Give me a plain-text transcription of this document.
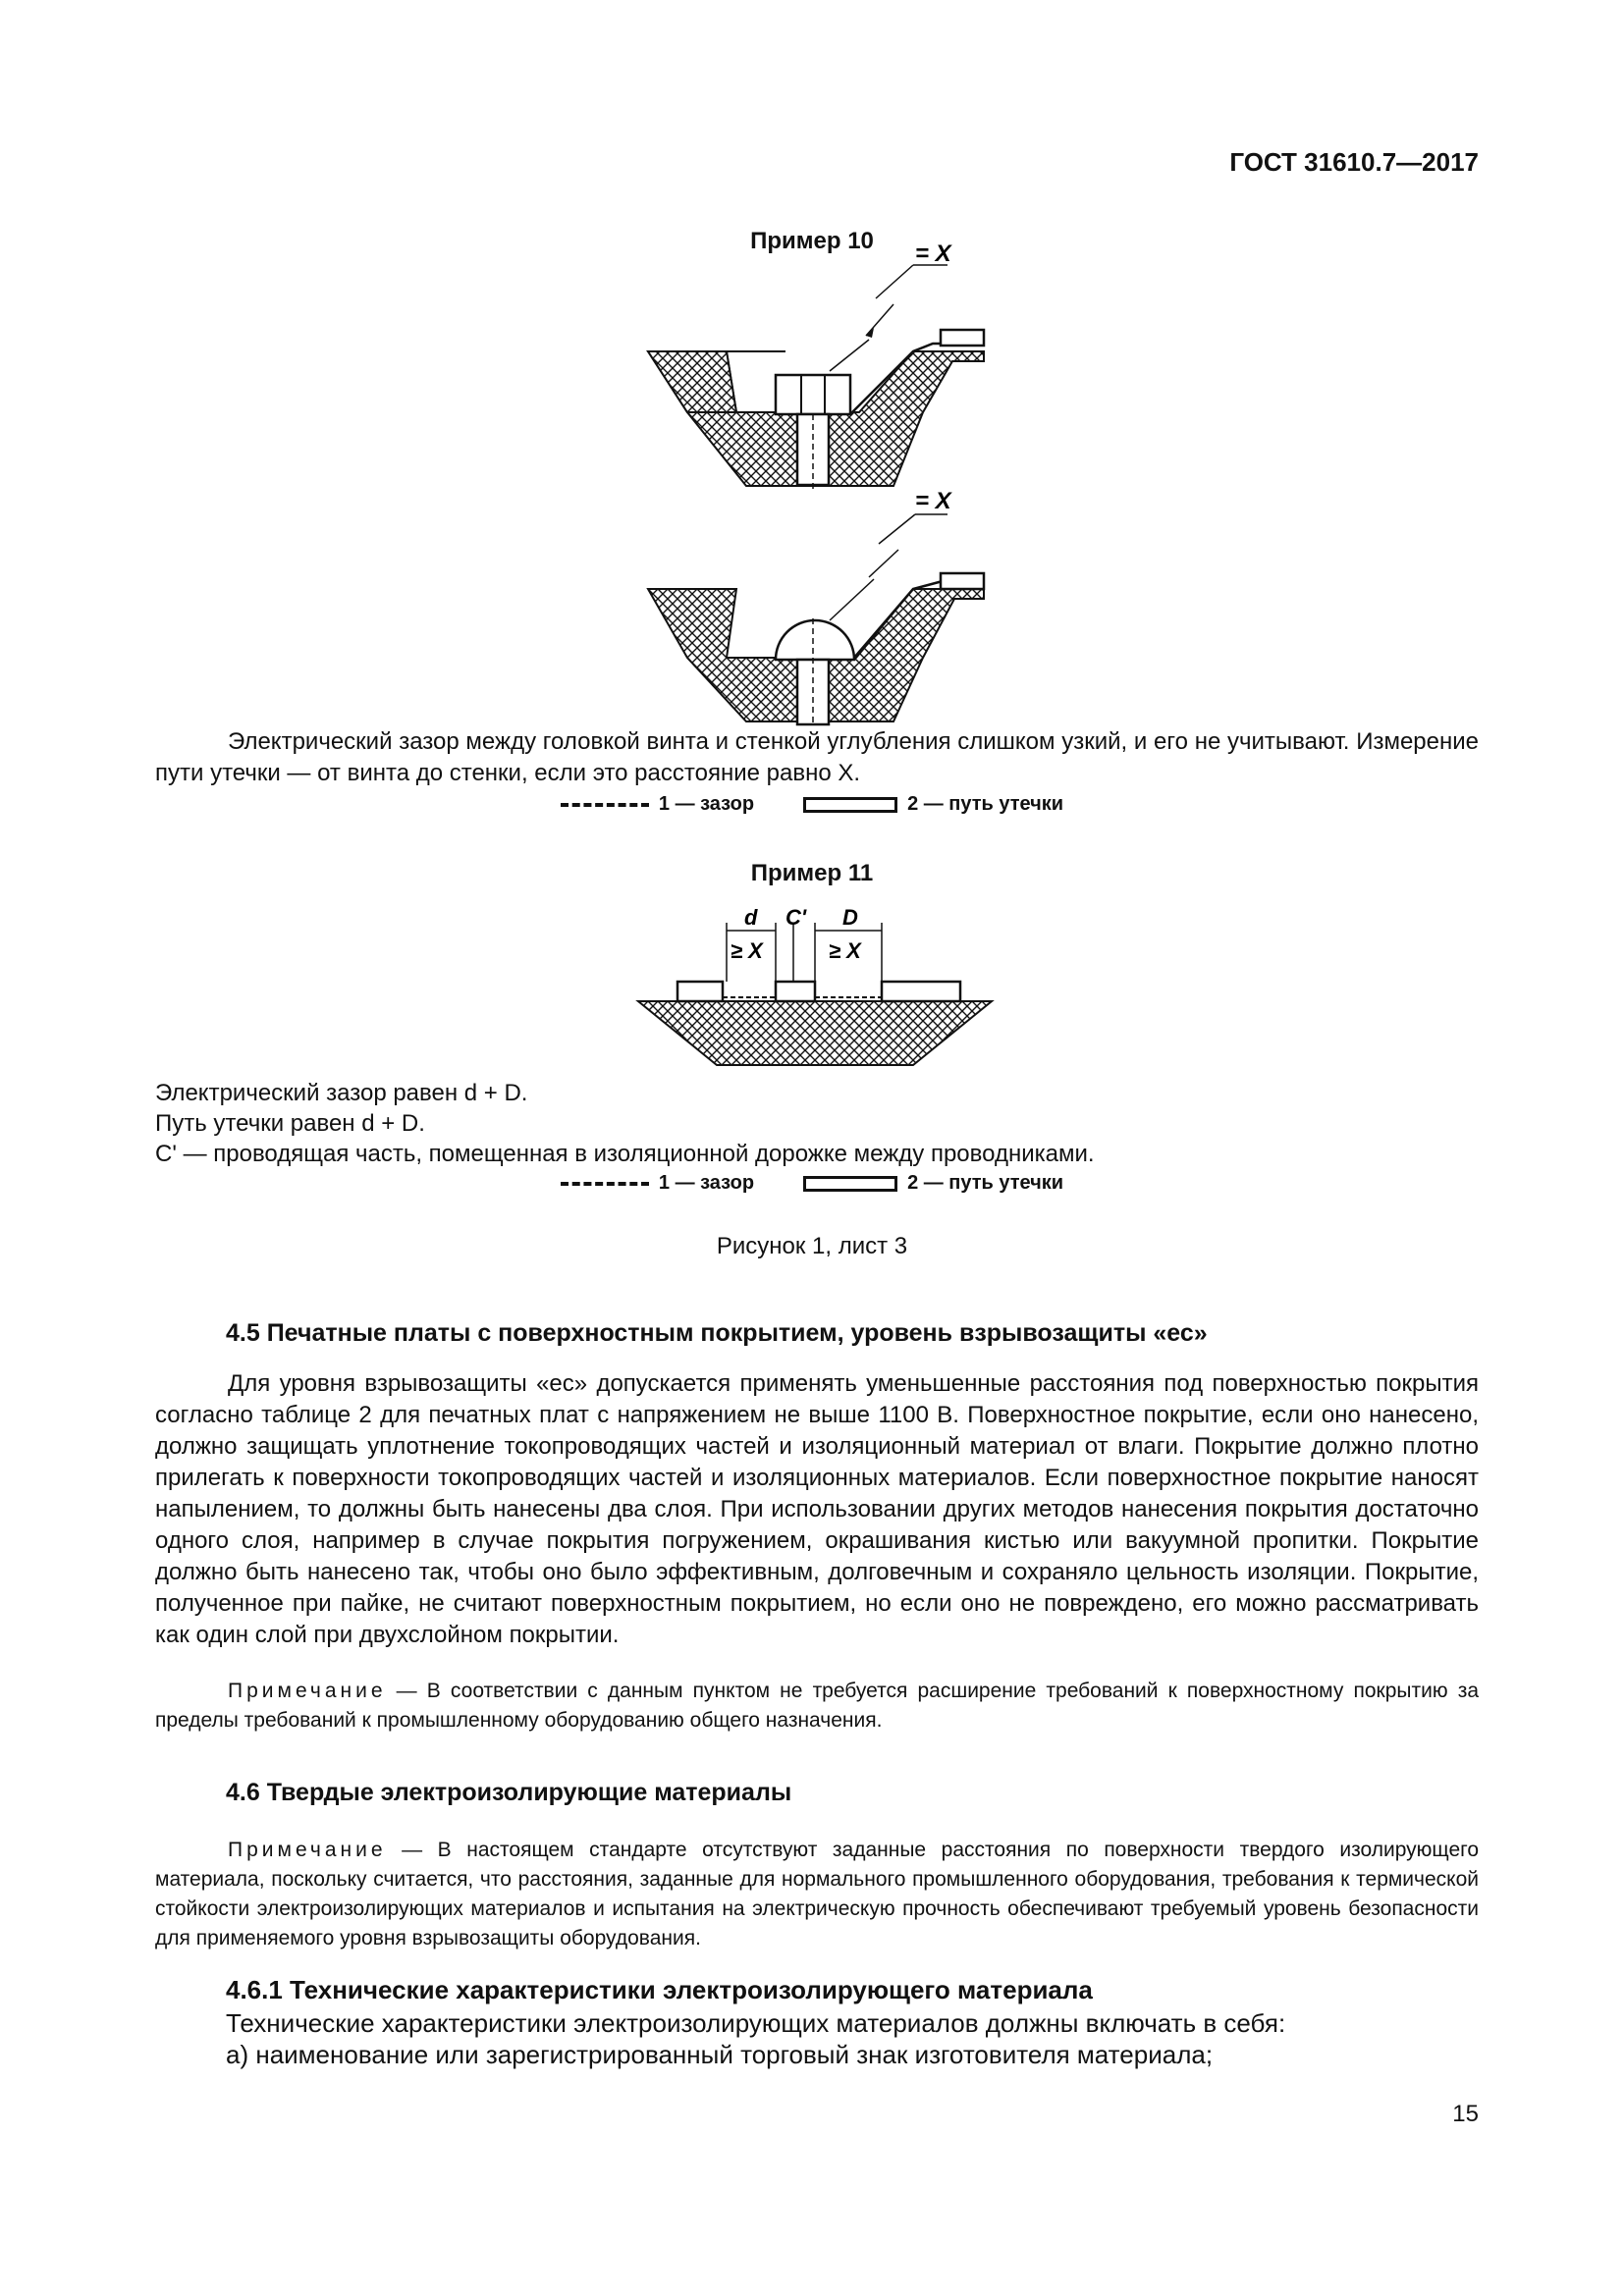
ГОСТ 31610.7—2017
Пример 10	= X
= X
Электрический зазор между головкой винта и стенкой углубления слишком узкий, и его не учитывают. Измерение пути утечки — от винта до стенки, если это расстояние равно X.
1 — зазор	2 — путь утечки
Пример 11
d C' D
≥ X	≥ X
Электрический зазор равен d + D.
Путь утечки равен d + D.
C' — проводящая часть, помещенная в изоляционной дорожке между проводниками.
1 — зазор	2 — путь утечки
Рисунок 1, лист 3
4.5 Печатные платы с поверхностным покрытием, уровень взрывозащиты «ес»
Для уровня взрывозащиты «ес» допускается применять уменьшенные расстояния под поверхностью покрытия согласно таблице 2 для печатных плат с напряжением не выше 1100 В. Поверхностное покрытие, если оно нанесено, должно защищать уплотнение токопроводящих частей и изоляционный материал от влаги. Покрытие должно плотно прилегать к поверхности токопроводящих частей и изоляционных материалов. Если поверхностное покрытие наносят напылением, то должны быть нанесены два слоя. При использовании других методов нанесения покрытия достаточно одного слоя, например в случае покрытия погружением, окрашивания кистью или вакуумной пропитки. Покрытие должно быть нанесено так, чтобы оно было эффективным, долговечным и сохраняло цельность изоляции. Покрытие, полученное при пайке, не считают поверхностным покрытием, но если оно не повреждено, его можно рассматривать как один слой при двухслойном покрытии.
Примечание — В соответствии с данным пунктом не требуется расширение требований к поверхностному покрытию за пределы требований к промышленному оборудованию общего назначения.
4.6 Твердые электроизолирующие материалы
Примечание — В настоящем стандарте отсутствуют заданные расстояния по поверхности твердого изолирующего материала, поскольку считается, что расстояния, заданные для нормального промышленного оборудования, требования к термической стойкости электроизолирующих материалов и испытания на электрическую прочность обеспечивают требуемый уровень безопасности для применяемого уровня взрывозащиты оборудования.
4.6.1 Технические характеристики электроизолирующего материала
Технические характеристики электроизолирующих материалов должны включать в себя:
a) наименование или зарегистрированный торговый знак изготовителя материала;
15
